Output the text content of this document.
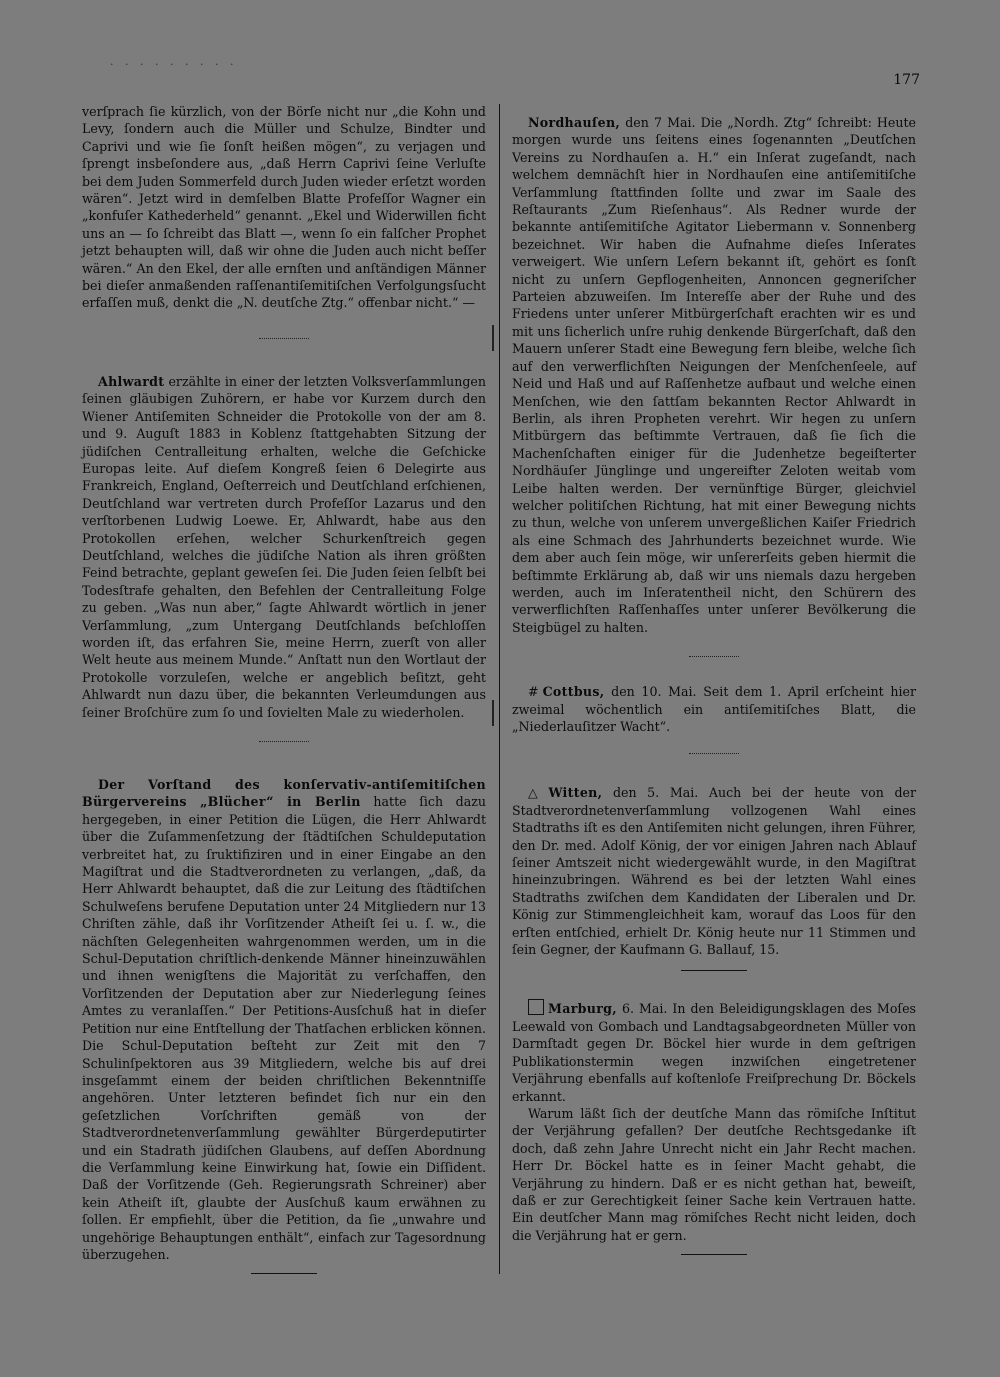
. . . . . . . . .
177

verſprach ſie kürzlich, von der Börſe nicht nur „die Kohn und Levy, ſondern auch die Müller und Schulze, Bindter und Caprivi und wie ſie ſonſt heißen mögen“, zu verjagen und ſprengt insbeſondere aus, „daß Herrn Caprivi ſeine Verluſte bei dem Juden Sommerfeld durch Juden wieder erſetzt worden wären“. Jetzt wird in demſelben Blatte Profeſſor Wagner ein „konfuſer Kathederheld“ genannt. „Ekel und Widerwillen ficht uns an — ſo ſchreibt das Blatt —, wenn ſo ein falſcher Prophet jetzt behaupten will, daß wir ohne die Juden auch nicht beſſer wären.“ An den Ekel, der alle ernſten und anſtändigen Männer bei dieſer anmaßenden raſſenantiſemitiſchen Verfolgungsſucht erfaſſen muß, denkt die „N. deutſche Ztg.“ offenbar nicht.“ —

Ahlwardt erzählte in einer der letzten Volksverſammlungen ſeinen gläubigen Zuhörern, er habe vor Kurzem durch den Wiener Antiſemiten Schneider die Protokolle von der am 8. und 9. Auguſt 1883 in Koblenz ſtattgehabten Sitzung der jüdiſchen Centralleitung erhalten, welche die Geſchicke Europas leite. Auf dieſem Kongreß ſeien 6 Delegirte aus Frankreich, England, Oeſterreich und Deutſchland erſchienen, Deutſchland war vertreten durch Profeſſor Lazarus und den verſtorbenen Ludwig Loewe. Er, Ahlwardt, habe aus den Protokollen erſehen, welcher Schurkenſtreich gegen Deutſchland, welches die jüdiſche Nation als ihren größten Feind betrachte, geplant geweſen ſei. Die Juden ſeien ſelbſt bei Todesſtrafe gehalten, den Befehlen der Centralleitung Folge zu geben. „Was nun aber,“ ſagte Ahlwardt wörtlich in jener Verſammlung, „zum Untergang Deutſchlands beſchloſſen worden iſt, das erfahren Sie, meine Herrn, zuerſt von aller Welt heute aus meinem Munde.“ Anſtatt nun den Wortlaut der Protokolle vorzuleſen, welche er angeblich beſitzt, geht Ahlwardt nun dazu über, die bekannten Verleumdungen aus ſeiner Broſchüre zum ſo und ſovielten Male zu wiederholen.

Der Vorſtand des konſervativ-antiſemitiſchen Bürgervereins „Blücher“ in Berlin hatte ſich dazu hergegeben, in einer Petition die Lügen, die Herr Ahlwardt über die Zuſammenſetzung der ſtädtiſchen Schuldeputation verbreitet hat, zu ſruktifiziren und in einer Eingabe an den Magiſtrat und die Stadtverordneten zu verlangen, „daß, da Herr Ahlwardt behauptet, daß die zur Leitung des ſtädtiſchen Schulweſens berufene Deputation unter 24 Mitgliedern nur 13 Chriſten zähle, daß ihr Vorſitzender Atheiſt ſei u. ſ. w., die nächſten Gelegenheiten wahrgenommen werden, um in die Schul-Deputation chriſtlich-denkende Männer hineinzuwählen und ihnen wenigſtens die Majorität zu verſchaffen, den Vorſitzenden der Deputation aber zur Niederlegung ſeines Amtes zu veranlaſſen.“ Der Petitions-Ausſchuß hat in dieſer Petition nur eine Entſtellung der Thatſachen erblicken können. Die Schul-Deputation beſteht zur Zeit mit den 7 Schulinſpektoren aus 39 Mitgliedern, welche bis auf drei insgeſammt einem der beiden chriſtlichen Bekenntniſſe angehören. Unter letzteren befindet ſich nur ein den geſetzlichen Vorſchriften gemäß von der Stadtverordnetenverſammlung gewählter Bürgerdeputirter und ein Stadrath jüdiſchen Glaubens, auf deſſen Abordnung die Verſammlung keine Einwirkung hat, ſowie ein Diſſident. Daß der Vorſitzende (Geh. Regierungsrath Schreiner) aber kein Atheiſt iſt, glaubte der Ausſchuß kaum erwähnen zu ſollen. Er empfiehlt, über die Petition, da ſie „unwahre und ungehörige Behauptungen enthält“, einfach zur Tagesordnung überzugehen.

Nordhauſen, den 7 Mai. Die „Nordh. Ztg“ ſchreibt: Heute morgen wurde uns ſeitens eines ſogenannten „Deutſchen Vereins zu Nordhauſen a. H.“ ein Inſerat zugeſandt, nach welchem demnächſt hier in Nordhauſen eine antiſemitiſche Verſammlung ſtattfinden ſollte und zwar im Saale des Reſtaurants „Zum Rieſenhaus“. Als Redner wurde der bekannte antiſemitiſche Agitator Liebermann v. Sonnenberg bezeichnet. Wir haben die Aufnahme dieſes Inſerates verweigert. Wie unſern Leſern bekannt iſt, gehört es ſonſt nicht zu unſern Gepflogenheiten, Annoncen gegneriſcher Parteien abzuweiſen. Im Intereſſe aber der Ruhe und des Friedens unter unſerer Mitbürgerſchaft erachten wir es und mit uns ſicherlich unſre ruhig denkende Bürgerſchaft, daß den Mauern unſerer Stadt eine Bewegung fern bleibe, welche ſich auf den verwerflichſten Neigungen der Menſchenſeele, auf Neid und Haß und auf Raſſenhetze aufbaut und welche einen Menſchen, wie den ſattſam bekannten Rector Ahlwardt in Berlin, als ihren Propheten verehrt. Wir hegen zu unſern Mitbürgern das beſtimmte Vertrauen, daß ſie ſich die Machenſchaften einiger für die Judenhetze begeiſterter Nordhäuſer Jünglinge und ungereifter Zeloten weitab vom Leibe halten werden. Der vernünftige Bürger, gleichviel welcher politiſchen Richtung, hat mit einer Bewegung nichts zu thun, welche von unſerem unvergeßlichen Kaiſer Friedrich als eine Schmach des Jahrhunderts bezeichnet wurde. Wie dem aber auch ſein möge, wir unſererſeits geben hiermit die beſtimmte Erklärung ab, daß wir uns niemals dazu hergeben werden, auch im Inſeratentheil nicht, den Schürern des verwerflichſten Raſſenhaſſes unter unſerer Bevölkerung die Steigbügel zu halten.

# Cottbus, den 10. Mai. Seit dem 1. April erſcheint hier zweimal wöchentlich ein antiſemitiſches Blatt, die „Niederlauſitzer Wacht“.

△ Witten, den 5. Mai. Auch bei der heute von der Stadtverordnetenverſammlung vollzogenen Wahl eines Stadtraths iſt es den Antiſemiten nicht gelungen, ihren Führer, den Dr. med. Adolf König, der vor einigen Jahren nach Ablauf ſeiner Amtszeit nicht wiedergewählt wurde, in den Magiſtrat hineinzubringen. Während es bei der letzten Wahl eines Stadtraths zwiſchen dem Kandidaten der Liberalen und Dr. König zur Stimmengleichheit kam, worauf das Loos für den erſten entſchied, erhielt Dr. König heute nur 11 Stimmen und ſein Gegner, der Kaufmann G. Ballauf, 15.

Marburg, 6. Mai. In den Beleidigungsklagen des Moſes Leewald von Gombach und Landtagsabgeordneten Müller von Darmſtadt gegen Dr. Böckel hier wurde in dem geſtrigen Publikationstermin wegen inzwiſchen eingetretener Verjährung ebenfalls auf koſtenloſe Freiſprechung Dr. Böckels erkannt.

Warum läßt ſich der deutſche Mann das römiſche Inſtitut der Verjährung gefallen? Der deutſche Rechtsgedanke iſt doch, daß zehn Jahre Unrecht nicht ein Jahr Recht machen. Herr Dr. Böckel hatte es in ſeiner Macht gehabt, die Verjährung zu hindern. Daß er es nicht gethan hat, beweiſt, daß er zur Gerechtigkeit ſeiner Sache kein Vertrauen hatte. Ein deutſcher Mann mag römiſches Recht nicht leiden, doch die Verjährung hat er gern.
